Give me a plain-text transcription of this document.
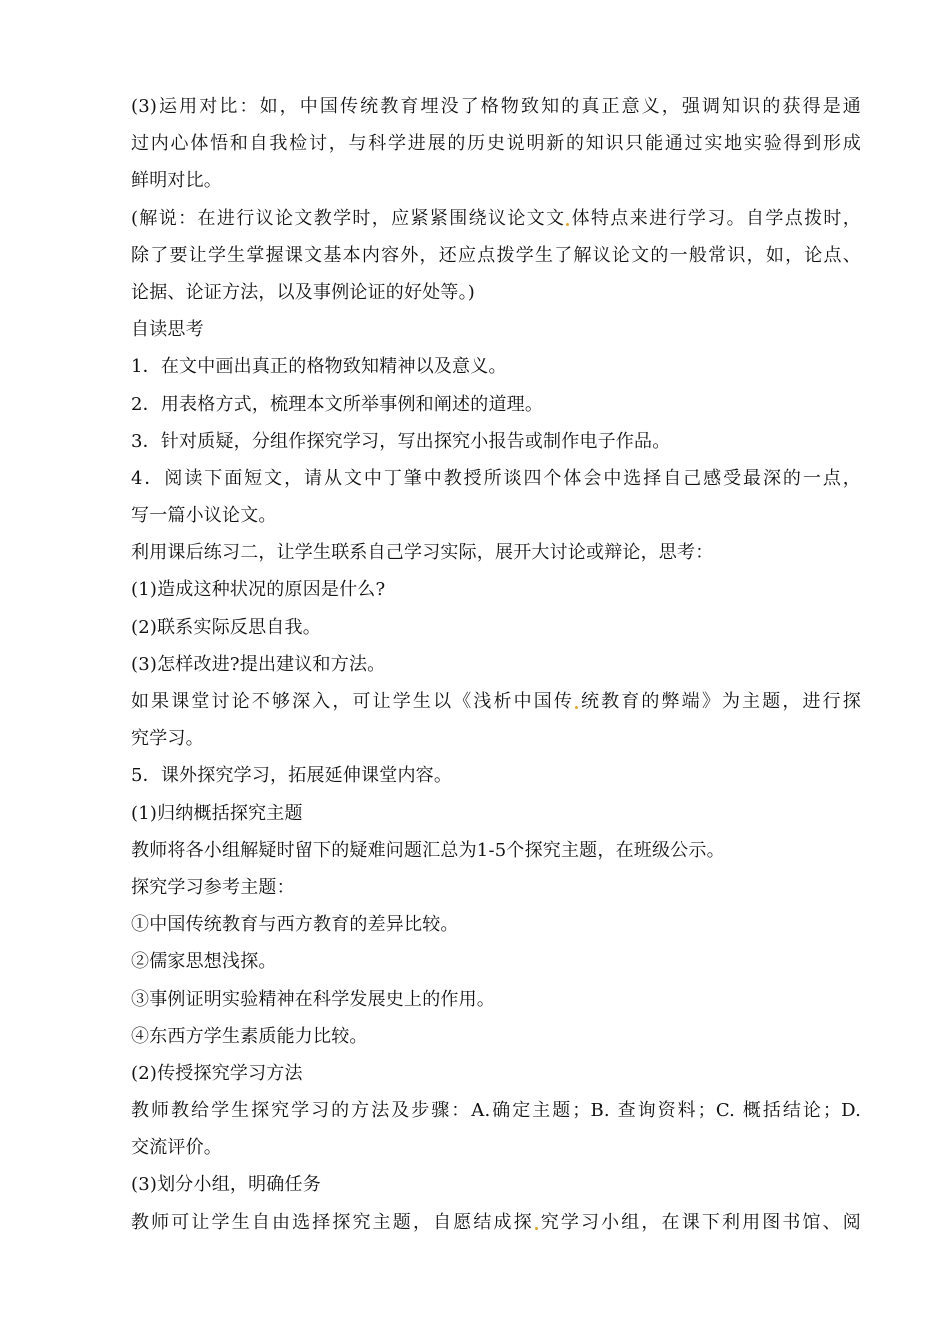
(3)运用对比：如，中国传统教育埋没了格物致知的真正意义，强调知识的获得是通
过内心体悟和自我检讨，与科学进展的历史说明新的知识只能通过实地实验得到形成
鲜明对比。
(解说：在进行议论文教学时，应紧紧围绕议论文文 体特点来进行学习。自学点拨时，
除了要让学生掌握课文基本内容外，还应点拨学生了解议论文的一般常识，如，论点、
论据、论证方法，以及事例论证的好处等。)
自读思考
1．在文中画出真正的格物致知精神以及意义。
2．用表格方式，梳理本文所举事例和阐述的道理。
3．针对质疑，分组作探究学习，写出探究小报告或制作电子作品。
4．阅读下面短文，请从文中丁肇中教授所谈四个体会中选择自己感受最深的一点，
写一篇小议论文。
利用课后练习二，让学生联系自己学习实际，展开大讨论或辩论，思考：
(1)造成这种状况的原因是什么?
(2)联系实际反思自我。
(3)怎样改进?提出建议和方法。
如果课堂讨论不够深入，可让学生以《浅析中国传 统教育的弊端》为主题，进行探
究学习。
5．课外探究学习，拓展延伸课堂内容。
(1)归纳概括探究主题
教师将各小组解疑时留下的疑难问题汇总为1-5个探究主题，在班级公示。
探究学习参考主题：
①中国传统教育与西方教育的差异比较。
②儒家思想浅探。
③事例证明实验精神在科学发展史上的作用。
④东西方学生素质能力比较。
(2)传授探究学习方法
教师教给学生探究学习的方法及步骤：A.确定主题；B. 查询资料；C. 概括结论；D.
交流评价。
(3)划分小组，明确任务
教师可让学生自由选择探究主题，自愿结成探 究学习小组，在课下利用图书馆、阅
